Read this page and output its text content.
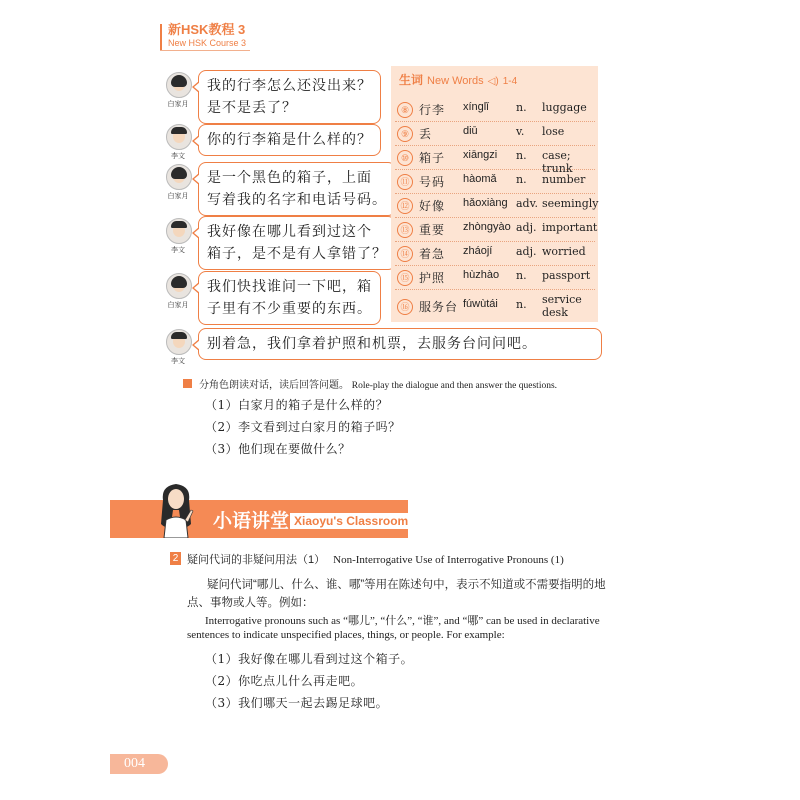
新HSK教程 3
New HSK Course 3
白家月
我的行李怎么还没出来？
是不是丢了？
李文
你的行李箱是什么样的？
白家月
是一个黑色的箱子，上面
写着我的名字和电话号码。
李文
我好像在哪儿看到过这个
箱子，是不是有人拿错了？
白家月
我们快找谁问一下吧，箱
子里有不少重要的东西。
李文
别着急，我们拿着护照和机票，去服务台问问吧。
生词 New Words ◁) 1-4
⑧ 行李 xínglǐ n. luggage
⑨ 丢	diū	v. lose
⑩ 箱子 xiāngzi n. case; trunk
⑪ 号码 hàomǎ n. number
⑫ 好像 hǎoxiàng adv. seemingly
⑬ 重要 zhòngyào adj. important
⑭ 着急 zháojí adj. worried
⑮ 护照 hùzhào n. passport
⑯ 服务台 fúwùtái n. service desk
分角色朗读对话，读后回答问题。 Role-play the dialogue and then answer the questions.
（1）白家月的箱子是什么样的？
（2）李文看到过白家月的箱子吗？
（3）他们现在要做什么？
小语讲堂 Xiaoyu's Classroom
2 疑问代词的非疑问用法（1） Non-Interrogative Use of Interrogative Pronouns (1)
疑问代词“哪儿、什么、谁、哪”等用在陈述句中，表示不知道或不需要指明的地
点、事物或人等。例如：
Interrogative pronouns such as “哪儿”, “什么”, “谁”, and “哪” can be used in declarative
sentences to indicate unspecified places, things, or people. For example:
（1）我好像在哪儿看到过这个箱子。
（2）你吃点儿什么再走吧。
（3）我们哪天一起去踢足球吧。
004
